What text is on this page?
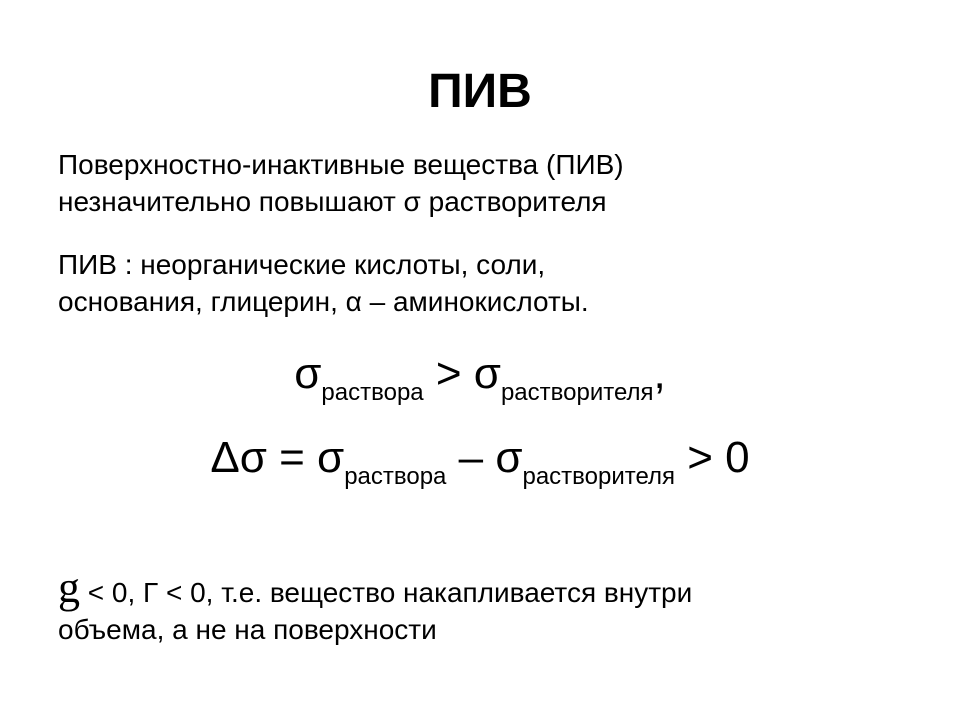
ПИВ
Поверхностно-инактивные вещества (ПИВ)
незначительно повышают σ растворителя
ПИВ : неорганические кислоты, соли,
основания, глицерин, α – аминокислоты.
$\sigma_{раствора} > \sigma_{растворителя}$,
$\Delta\sigma = \sigma_{раствора} - \sigma_{растворителя} > 0$
g < 0, Г < 0, т.е. вещество накапливается внутри
объема, а не на поверхности
